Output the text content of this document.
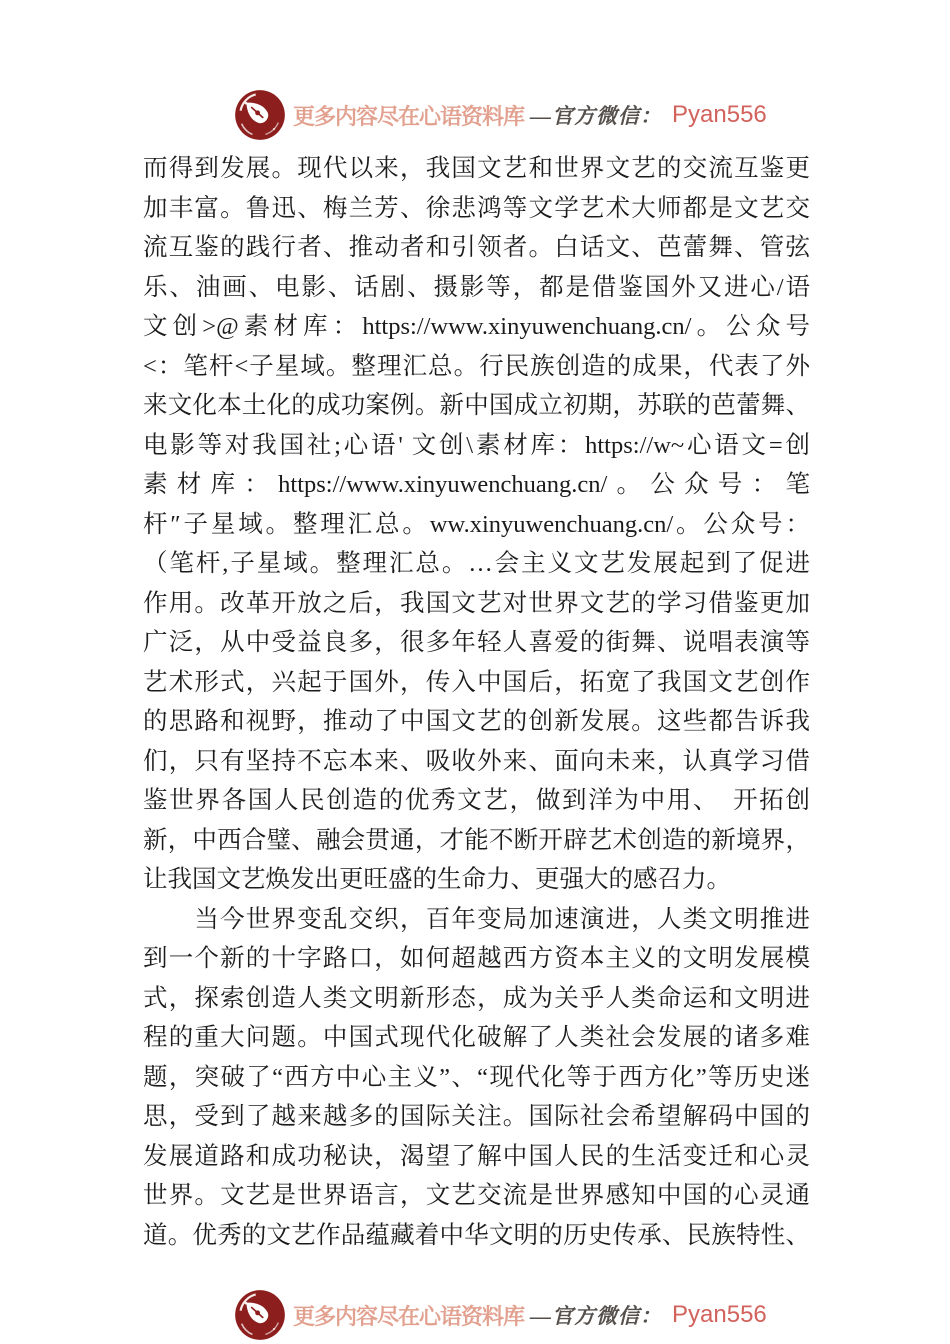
更多内容尽在心语资料库 —官方微信： Pyan556
而得到发展。现代以来，我国文艺和世界文艺的交流互鉴更
加丰富。鲁迅、梅兰芳、徐悲鸿等文学艺术大师都是文艺交
流互鉴的践行者、推动者和引领者。白话文、芭蕾舞、管弦
乐、油画、电影、话剧、摄影等，都是借鉴国外又进心/语
文创>@素材库：https://www.xinyuwenchuang.cn/。公众号
<：笔杆<子星域。整理汇总。行民族创造的成果，代表了外
来文化本土化的成功案例。新中国成立初期，苏联的芭蕾舞、
电影等对我国社;心语' 文创\素材库：https://w~心语文=创
素材库：https://www.xinyuwenchuang.cn/。公众号：笔
杆″子星域。整理汇总。ww.xinyuwenchuang.cn/。公众号：
（笔杆,子星域。整理汇总。…会主义文艺发展起到了促进
作用。改革开放之后，我国文艺对世界文艺的学习借鉴更加
广泛，从中受益良多，很多年轻人喜爱的街舞、说唱表演等
艺术形式，兴起于国外，传入中国后，拓宽了我国文艺创作
的思路和视野，推动了中国文艺的创新发展。这些都告诉我
们，只有坚持不忘本来、吸收外来、面向未来，认真学习借
鉴世界各国人民创造的优秀文艺，做到洋为中用、　开拓创
新，中西合璧、融会贯通，才能不断开辟艺术创造的新境界，
让我国文艺焕发出更旺盛的生命力、更强大的感召力。
　　当今世界变乱交织，百年变局加速演进，人类文明推进
到一个新的十字路口，如何超越西方资本主义的文明发展模
式，探索创造人类文明新形态，成为关乎人类命运和文明进
程的重大问题。中国式现代化破解了人类社会发展的诸多难
题，突破了“西方中心主义”、“现代化等于西方化”等历史迷
思，受到了越来越多的国际关注。国际社会希望解码中国的
发展道路和成功秘诀，渴望了解中国人民的生活变迁和心灵
世界。文艺是世界语言，文艺交流是世界感知中国的心灵通
道。优秀的文艺作品蕴藏着中华文明的历史传承、民族特性、
更多内容尽在心语资料库 —官方微信： Pyan556
